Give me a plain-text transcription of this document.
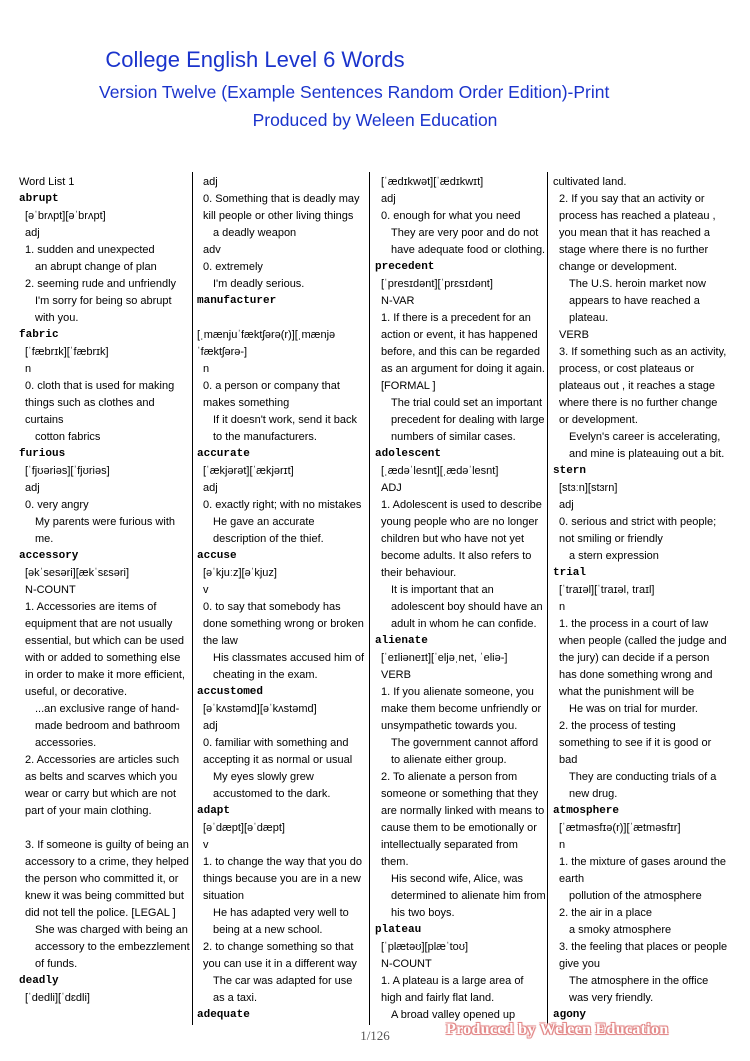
College English Level 6 Words
Version Twelve (Example Sentences Random Order Edition)-Print
Produced by Weleen Education
Word List 1
abrupt
[əˈbrʌpt][əˈbrʌpt]
adj
1. sudden and unexpected
an abrupt change of plan
2. seeming rude and unfriendly
I'm sorry for being so abrupt with you.
fabric
[ˈfæbrɪk][ˈfæbrɪk]
n
0. cloth that is used for making things such as clothes and curtains
cotton fabrics
furious
[ˈfjʊəriəs][ˈfjʊriəs]
adj
0. very angry
My parents were furious with me.
accessory
[əkˈsesəri][ækˈsɛsəri]
N-COUNT
1. Accessories are items of equipment that are not usually essential, but which can be used with or added to something else in order to make it more efficient, useful, or decorative.
...an exclusive range of hand-made bedroom and bathroom accessories.
2. Accessories are articles such as belts and scarves which you wear or carry but which are not part of your main clothing.
3. If someone is guilty of being an accessory to a crime, they helped the person who committed it, or knew it was being committed but did not tell the police. [LEGAL ]
She was charged with being an accessory to the embezzlement of funds.
deadly
[ˈdedli][ˈdɛdli]
adj
0. Something that is deadly may kill people or other living things
a deadly weapon
adv
0. extremely
I'm deadly serious.
manufacturer
[ˌmænjuˈfæktʃərə(r)][ˌmænjəˈfæktʃərə-]
n
0. a person or company that makes something
If it doesn't work, send it back to the manufacturers.
accurate
[ˈækjərət][ˈækjərɪt]
adj
0. exactly right; with no mistakes
He gave an accurate description of the thief.
accuse
[əˈkjuːz][əˈkjuz]
v
0. to say that somebody has done something wrong or broken the law
His classmates accused him of cheating in the exam.
accustomed
[əˈkʌstəmd][əˈkʌstəmd]
adj
0. familiar with something and accepting it as normal or usual
My eyes slowly grew accustomed to the dark.
adapt
[əˈdæpt][əˈdæpt]
v
1. to change the way that you do things because you are in a new situation
He has adapted very well to being at a new school.
2. to change something so that you can use it in a different way
The car was adapted for use as a taxi.
adequate
[ˈædɪkwət][ˈædɪkwɪt]
adj
0. enough for what you need
They are very poor and do not have adequate food or clothing.
precedent
[ˈpresɪdənt][ˈprɛsɪdənt]
N-VAR
1. If there is a precedent for an action or event, it has happened before, and this can be regarded as an argument for doing it again. [FORMAL ]
The trial could set an important precedent for dealing with large numbers of similar cases.
adolescent
[ˌædəˈlesnt][ˌædəˈlesnt]
ADJ
1. Adolescent is used to describe young people who are no longer children but who have not yet become adults. It also refers to their behaviour.
It is important that an adolescent boy should have an adult in whom he can confide.
alienate
[ˈeɪliəneɪt][ˈeljəˌnet, ˈeliə-]
VERB
1. If you alienate someone, you make them become unfriendly or unsympathetic towards you.
The government cannot afford to alienate either group.
2. To alienate a person from someone or something that they are normally linked with means to cause them to be emotionally or intellectually separated from them.
His second wife, Alice, was determined to alienate him from his two boys.
plateau
[ˈplætəʊ][plæˈtoʊ]
N-COUNT
1. A plateau is a large area of high and fairly flat land.
A broad valley opened up
cultivated land.
2. If you say that an activity or process has reached a plateau , you mean that it has reached a stage where there is no further change or development.
The U.S. heroin market now appears to have reached a plateau.
VERB
3. If something such as an activity, process, or cost plateaus or plateaus out , it reaches a stage where there is no further change or development.
Evelyn's career is accelerating, and mine is plateauing out a bit.
stern
[stɜːn][stɜrn]
adj
0. serious and strict with people; not smiling or friendly
a stern expression
trial
[ˈtraɪəl][ˈtraɪəl, traɪl]
n
1. the process in a court of law when people (called the judge and the jury) can decide if a person has done something wrong and what the punishment will be
He was on trial for murder.
2. the process of testing something to see if it is good or bad
They are conducting trials of a new drug.
atmosphere
[ˈætməsfɪə(r)][ˈætməsfɪr]
n
1. the mixture of gases around the earth
pollution of the atmosphere
2. the air in a place
a smoky atmosphere
3. the feeling that places or people give you
The atmosphere in the office was very friendly.
agony
1/126	Produced by Weleen Education
